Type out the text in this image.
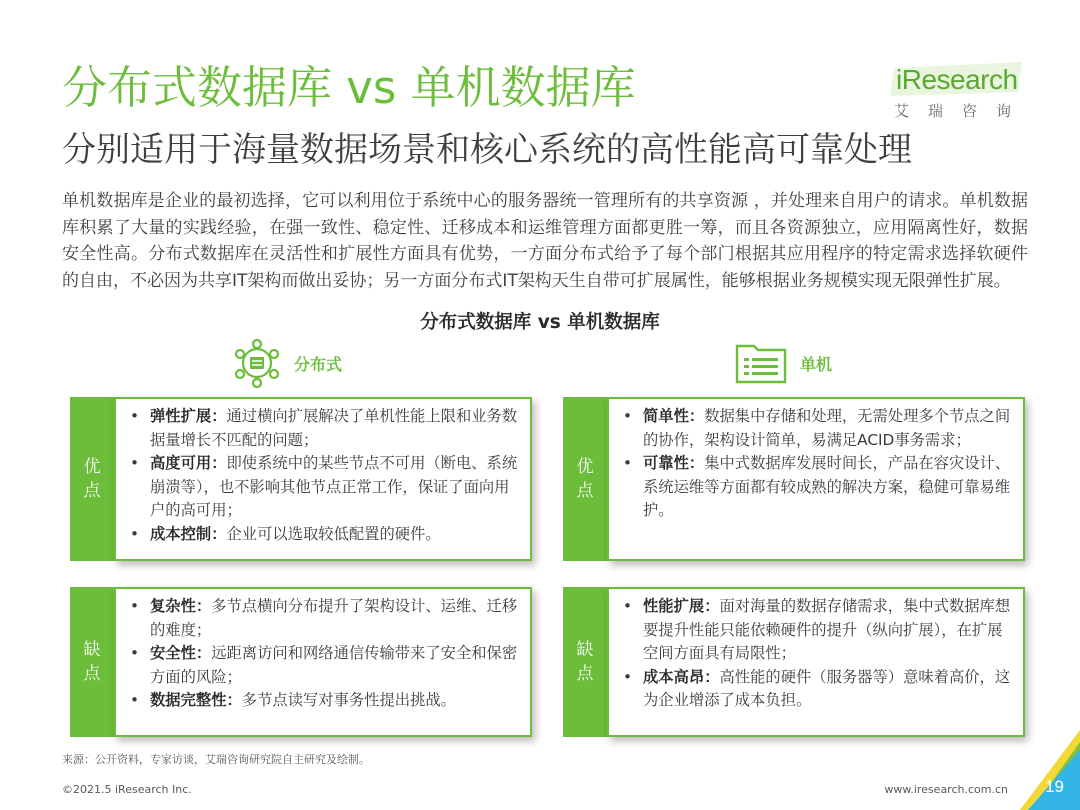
分布式数据库 vs 单机数据库
分别适用于海量数据场景和核心系统的高性能高可靠处理
iResearch
艾瑞咨询

单机数据库是企业的最初选择，它可以利用位于系统中心的服务器统一管理所有的共享资源 ，并处理来自用户的请求。单机数据库积累了大量的实践经验，在强一致性、稳定性、迁移成本和运维管理方面都更胜一筹，而且各资源独立，应用隔离性好，数据安全性高。分布式数据库在灵活性和扩展性方面具有优势，一方面分布式给予了每个部门根据其应用程序的特定需求选择软硬件的自由，不必因为共享IT架构而做出妥协；另一方面分布式IT架构天生自带可扩展属性，能够根据业务规模实现无限弹性扩展。

分布式数据库 vs 单机数据库
分布式	单机
优点
• 弹性扩展：通过横向扩展解决了单机性能上限和业务数据量增长不匹配的问题；
• 高度可用：即使系统中的某些节点不可用（断电、系统崩溃等），也不影响其他节点正常工作，保证了面向用户的高可用；
• 成本控制：企业可以选取较低配置的硬件。
优点
• 简单性：数据集中存储和处理，无需处理多个节点之间的协作，架构设计简单，易满足ACID事务需求；
• 可靠性：集中式数据库发展时间长，产品在容灾设计、系统运维等方面都有较成熟的解决方案，稳健可靠易维护。
缺点
• 复杂性：多节点横向分布提升了架构设计、运维、迁移的难度；
• 安全性：远距离访问和网络通信传输带来了安全和保密方面的风险；
• 数据完整性：多节点读写对事务性提出挑战。
缺点
• 性能扩展：面对海量的数据存储需求，集中式数据库想要提升性能只能依赖硬件的提升（纵向扩展），在扩展空间方面具有局限性；
• 成本高昂：高性能的硬件（服务器等）意味着高价，这为企业增添了成本负担。
来源：公开资料，专家访谈，艾瑞咨询研究院自主研究及绘制。
©2021.5 iResearch Inc.	www.iresearch.com.cn 19
